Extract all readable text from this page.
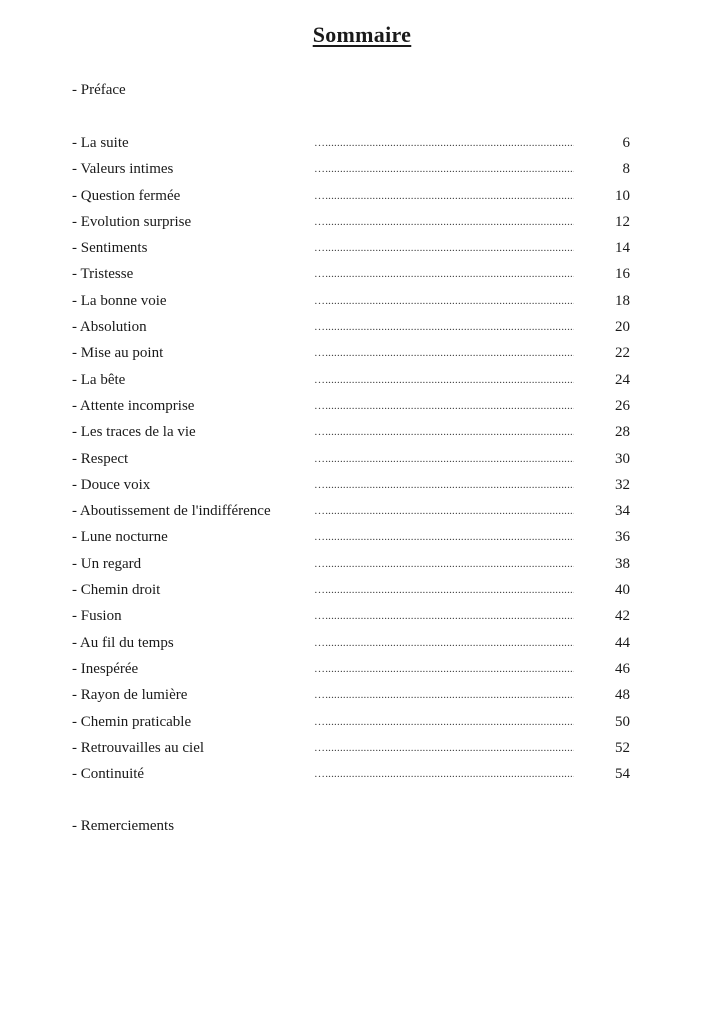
Sommaire
- Préface
- La suite …...........................................................................................	6
- Valeurs intimes …...........................................................................................	8
- Question fermée …...........................................................................................	10
- Evolution surprise …...........................................................................................	12
- Sentiments …...........................................................................................	14
- Tristesse …...........................................................................................	16
- La bonne voie …...........................................................................................	18
- Absolution …...........................................................................................	20
- Mise au point …...........................................................................................	22
- La bête …...........................................................................................	24
- Attente incomprise …...........................................................................................	26
- Les traces de la vie …...........................................................................................	28
- Respect …...........................................................................................	30
- Douce voix …...........................................................................................	32
- Aboutissement de l'indifférence …...........................................................................................	34
- Lune nocturne …...........................................................................................	36
- Un regard …...........................................................................................	38
- Chemin droit …...........................................................................................	40
- Fusion …...........................................................................................	42
- Au fil du temps …...........................................................................................	44
- Inespérée …...........................................................................................	46
- Rayon de lumière …...........................................................................................	48
- Chemin praticable …...........................................................................................	50
- Retrouvailles au ciel …...........................................................................................	52
- Continuité …...........................................................................................	54
- Remerciements
